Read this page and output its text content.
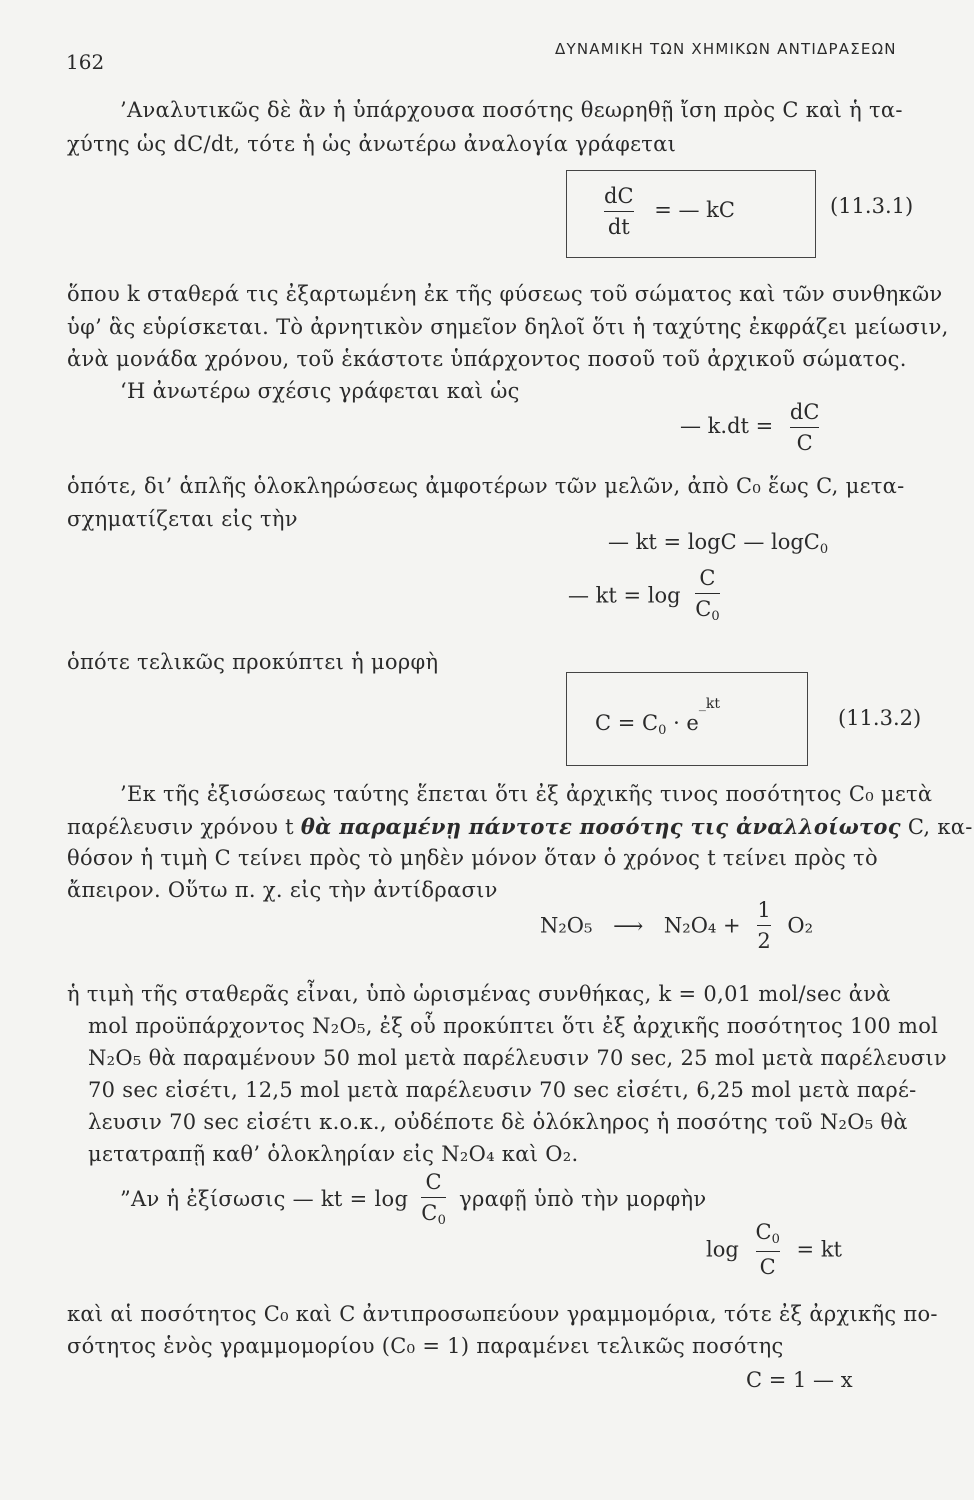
162
ΔΥΝΑΜΙΚΗ ΤΩΝ ΧΗΜΙΚΩΝ ΑΝΤΙΔΡΑΣΕΩΝ
’Αναλυτικῶς δὲ ἂν ἡ ὑπάρχουσα ποσότης θεωρηθῇ ἴση πρὸς C καὶ ἡ τα-
χύτης ὡς dC/dt, τότε ἡ ὡς ἀνωτέρω ἀναλογία γράφεται
$\frac{dC}{dt}$ = — kC	(11.3.1)
ὅπου k σταθερά τις ἐξαρτωμένη ἐκ τῆς φύσεως τοῦ σώματος καὶ τῶν συνθηκῶν
ὑφ’ ἃς εὑρίσκεται. Τὸ ἀρνητικὸν σημεῖον δηλοῖ ὅτι ἡ ταχύτης ἐκφράζει μείωσιν,
ἀνὰ μονάδα χρόνου, τοῦ ἑκάστοτε ὑπάρχοντος ποσοῦ τοῦ ἀρχικοῦ σώματος.
‘Η ἀνωτέρω σχέσις γράφεται καὶ ὡς
— $k.dt = \frac{dC}{C}$
ὁπότε, δι’ ἁπλῆς ὁλοκληρώσεως ἀμφοτέρων τῶν μελῶν, ἀπὸ C₀ ἕως C, μετα-
σχηματίζεται εἰς τὴν
— kt = logC — logC$_0$
— kt = $\log \frac{C}{C_0}$
ὁπότε τελικῶς προκύπτει ἡ μορφὴ
$C = C_0 \cdot e^{\_kt}$
(11.3.2)
’Εκ τῆς ἐξισώσεως ταύτης ἕπεται ὅτι ἐξ ἀρχικῆς τινος ποσότητος C₀ μετὰ
παρέλευσιν χρόνου t θὰ παραμένῃ πάντοτε ποσότης τις ἀναλλοίωτος C, κα-
θόσον ἡ τιμὴ C τείνει πρὸς τὸ μηδὲν μόνον ὅταν ὁ χρόνος t τείνει πρὸς τὸ
ἄπειρον. Οὕτω π. χ. εἰς τὴν ἀντίδρασιν
N₂O₅ ⟶ $N_2O_4 + \frac{1}{2} O_2$
ἡ τιμὴ τῆς σταθερᾶς εἶναι, ὑπὸ ὡρισμένας συνθήκας, k = 0,01 mol/sec ἀνὰ
mol προϋπάρχοντος N₂O₅, ἐξ οὗ προκύπτει ὅτι ἐξ ἀρχικῆς ποσότητος 100 mol
N₂O₅ θὰ παραμένουν 50 mol μετὰ παρέλευσιν 70 sec, 25 mol μετὰ παρέλευσιν
70 sec εἰσέτι, 12,5 mol μετὰ παρέλευσιν 70 sec εἰσέτι, 6,25 mol μετὰ παρέ-
λευσιν 70 sec εἰσέτι κ.ο.κ., οὐδέποτε δὲ ὁλόκληρος ἡ ποσότης τοῦ N₂O₅ θὰ
μετατραπῇ καθ’ ὁλοκληρίαν εἰς N₂O₄ καὶ O₂.
”Αν ἡ ἐξίσωσις — kt = $\log \frac{C}{C_0}$ γραφῇ ὑπὸ τὴν μορφὴν
$\log \frac{C_0}{C}$ = kt
καὶ αἱ ποσότητος C₀ καὶ C ἀντιπροσωπεύουν γραμμομόρια, τότε ἐξ ἀρχικῆς πο-
σότητος ἑνὸς γραμμομορίου (C₀ = 1) παραμένει τελικῶς ποσότης
C = 1 — x
